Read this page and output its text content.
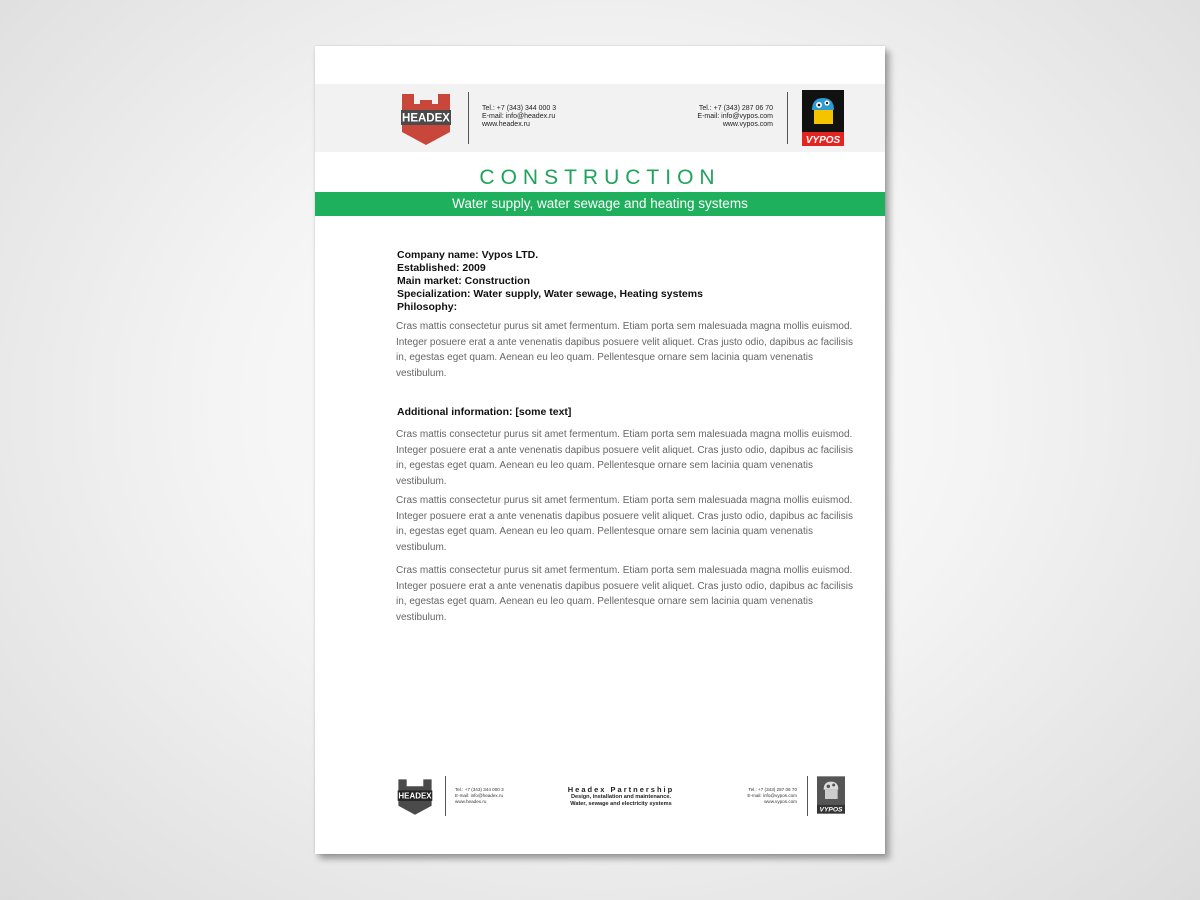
HEADEX
Tel.: +7 (343) 344 000 3
E-mail: info@headex.ru
www.headex.ru
Tel.: +7 (343) 287 06 70
E-mail: info@vypos.com
www.vypos.com
VYPOS
CONSTRUCTION
Water supply, water sewage and heating systems
Company name: Vypos LTD.
Established: 2009
Main market: Construction
Specialization: Water supply, Water sewage, Heating systems
Philosophy:
Cras mattis consectetur purus sit amet fermentum. Etiam porta sem malesuada magna mollis euismod. Integer posuere erat a ante venenatis dapibus posuere velit aliquet. Cras justo odio, dapibus ac facilisis in, egestas eget quam. Aenean eu leo quam. Pellentesque ornare sem lacinia quam venenatis vestibulum.
Additional information: [some text]
Cras mattis consectetur purus sit amet fermentum. Etiam porta sem malesuada magna mollis euismod. Integer posuere erat a ante venenatis dapibus posuere velit aliquet. Cras justo odio, dapibus ac facilisis in, egestas eget quam. Aenean eu leo quam. Pellentesque ornare sem lacinia quam venenatis vestibulum.
Cras mattis consectetur purus sit amet fermentum. Etiam porta sem malesuada magna mollis euismod. Integer posuere erat a ante venenatis dapibus posuere velit aliquet. Cras justo odio, dapibus ac facilisis in, egestas eget quam. Aenean eu leo quam. Pellentesque ornare sem lacinia quam venenatis vestibulum.
Cras mattis consectetur purus sit amet fermentum. Etiam porta sem malesuada magna mollis euismod. Integer posuere erat a ante venenatis dapibus posuere velit aliquet. Cras justo odio, dapibus ac facilisis in, egestas eget quam. Aenean eu leo quam. Pellentesque ornare sem lacinia quam venenatis vestibulum.
HEADEX
Tel.: +7 (343) 344 000 3
E-mail: info@headex.ru
www.headex.ru
Headex Partnership
Design, installation and maintenance.
Water, sewage and electricity systems
Tel.: +7 (343) 287 06 70
E-mail: info@vypos.com
www.vypos.com
VYPOS
